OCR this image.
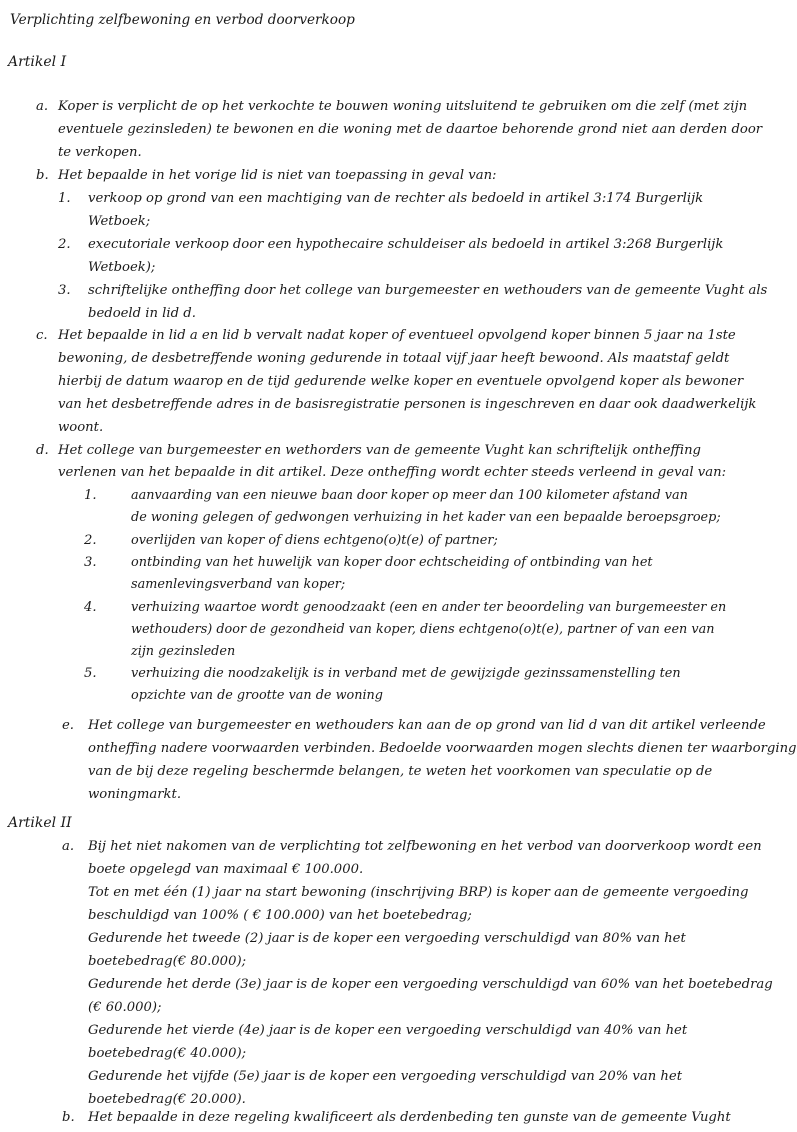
Verplichting zelfbewoning en verbod doorverkoop
Artikel I
a. Koper is verplicht de op het verkochte te bouwen woning uitsluitend te gebruiken om die zelf (met zijn
eventuele gezinsleden) te bewonen en die woning met de daartoe behorende grond niet aan derden door
te verkopen.
b. Het bepaalde in het vorige lid is niet van toepassing in geval van:
1. verkoop op grond van een machtiging van de rechter als bedoeld in artikel 3:174 Burgerlijk
Wetboek;
2. executoriale verkoop door een hypothecaire schuldeiser als bedoeld in artikel 3:268 Burgerlijk
Wetboek);
3. schriftelijke ontheffing door het college van burgemeester en wethouders van de gemeente Vught als
bedoeld in lid d.
c. Het bepaalde in lid a en lid b vervalt nadat koper of eventueel opvolgend koper binnen 5 jaar na 1ste
bewoning, de desbetreffende woning gedurende in totaal vijf jaar heeft bewoond. Als maatstaf geldt
hierbij de datum waarop en de tijd gedurende welke koper en eventuele opvolgend koper als bewoner
van het desbetreffende adres in de basisregistratie personen is ingeschreven en daar ook daadwerkelijk
woont.
d. Het college van burgemeester en wethorders van de gemeente Vught kan schriftelijk ontheffing
verlenen van het bepaalde in dit artikel. Deze ontheffing wordt echter steeds verleend in geval van:
1.	aanvaarding van een nieuwe baan door koper op meer dan 100 kilometer afstand van
de woning gelegen of gedwongen verhuizing in het kader van een bepaalde beroepsgroep;
2.	overlijden van koper of diens echtgeno(o)t(e) of partner;
3.	ontbinding van het huwelijk van koper door echtscheiding of ontbinding van het
samenlevingsverband van koper;
4.	verhuizing waartoe wordt genoodzaakt (een en ander ter beoordeling van burgemeester en
wethouders) door de gezondheid van koper, diens echtgeno(o)t(e), partner of van een van
zijn gezinsleden
5.	verhuizing die noodzakelijk is in verband met de gewijzigde gezinssamenstelling ten
opzichte van de grootte van de woning
e. Het college van burgemeester en wethouders kan aan de op grond van lid d van dit artikel verleende
ontheffing nadere voorwaarden verbinden. Bedoelde voorwaarden mogen slechts dienen ter waarborging
van de bij deze regeling beschermde belangen, te weten het voorkomen van speculatie op de
woningmarkt.
Artikel II
a. Bij het niet nakomen van de verplichting tot zelfbewoning en het verbod van doorverkoop wordt een
boete opgelegd van maximaal € 100.000.
Tot en met één (1) jaar na start bewoning (inschrijving BRP) is koper aan de gemeente vergoeding
beschuldigd van 100% ( € 100.000) van het boetebedrag;
Gedurende het tweede (2) jaar is de koper een vergoeding verschuldigd van 80% van het
boetebedrag(€ 80.000);
Gedurende het derde (3e) jaar is de koper een vergoeding verschuldigd van 60% van het boetebedrag
(€ 60.000);
Gedurende het vierde (4e) jaar is de koper een vergoeding verschuldigd van 40% van het
boetebedrag(€ 40.000);
Gedurende het vijfde (5e) jaar is de koper een vergoeding verschuldigd van 20% van het
boetebedrag(€ 20.000).
b. Het bepaalde in deze regeling kwalificeert als derdenbeding ten gunste van de gemeente Vught
